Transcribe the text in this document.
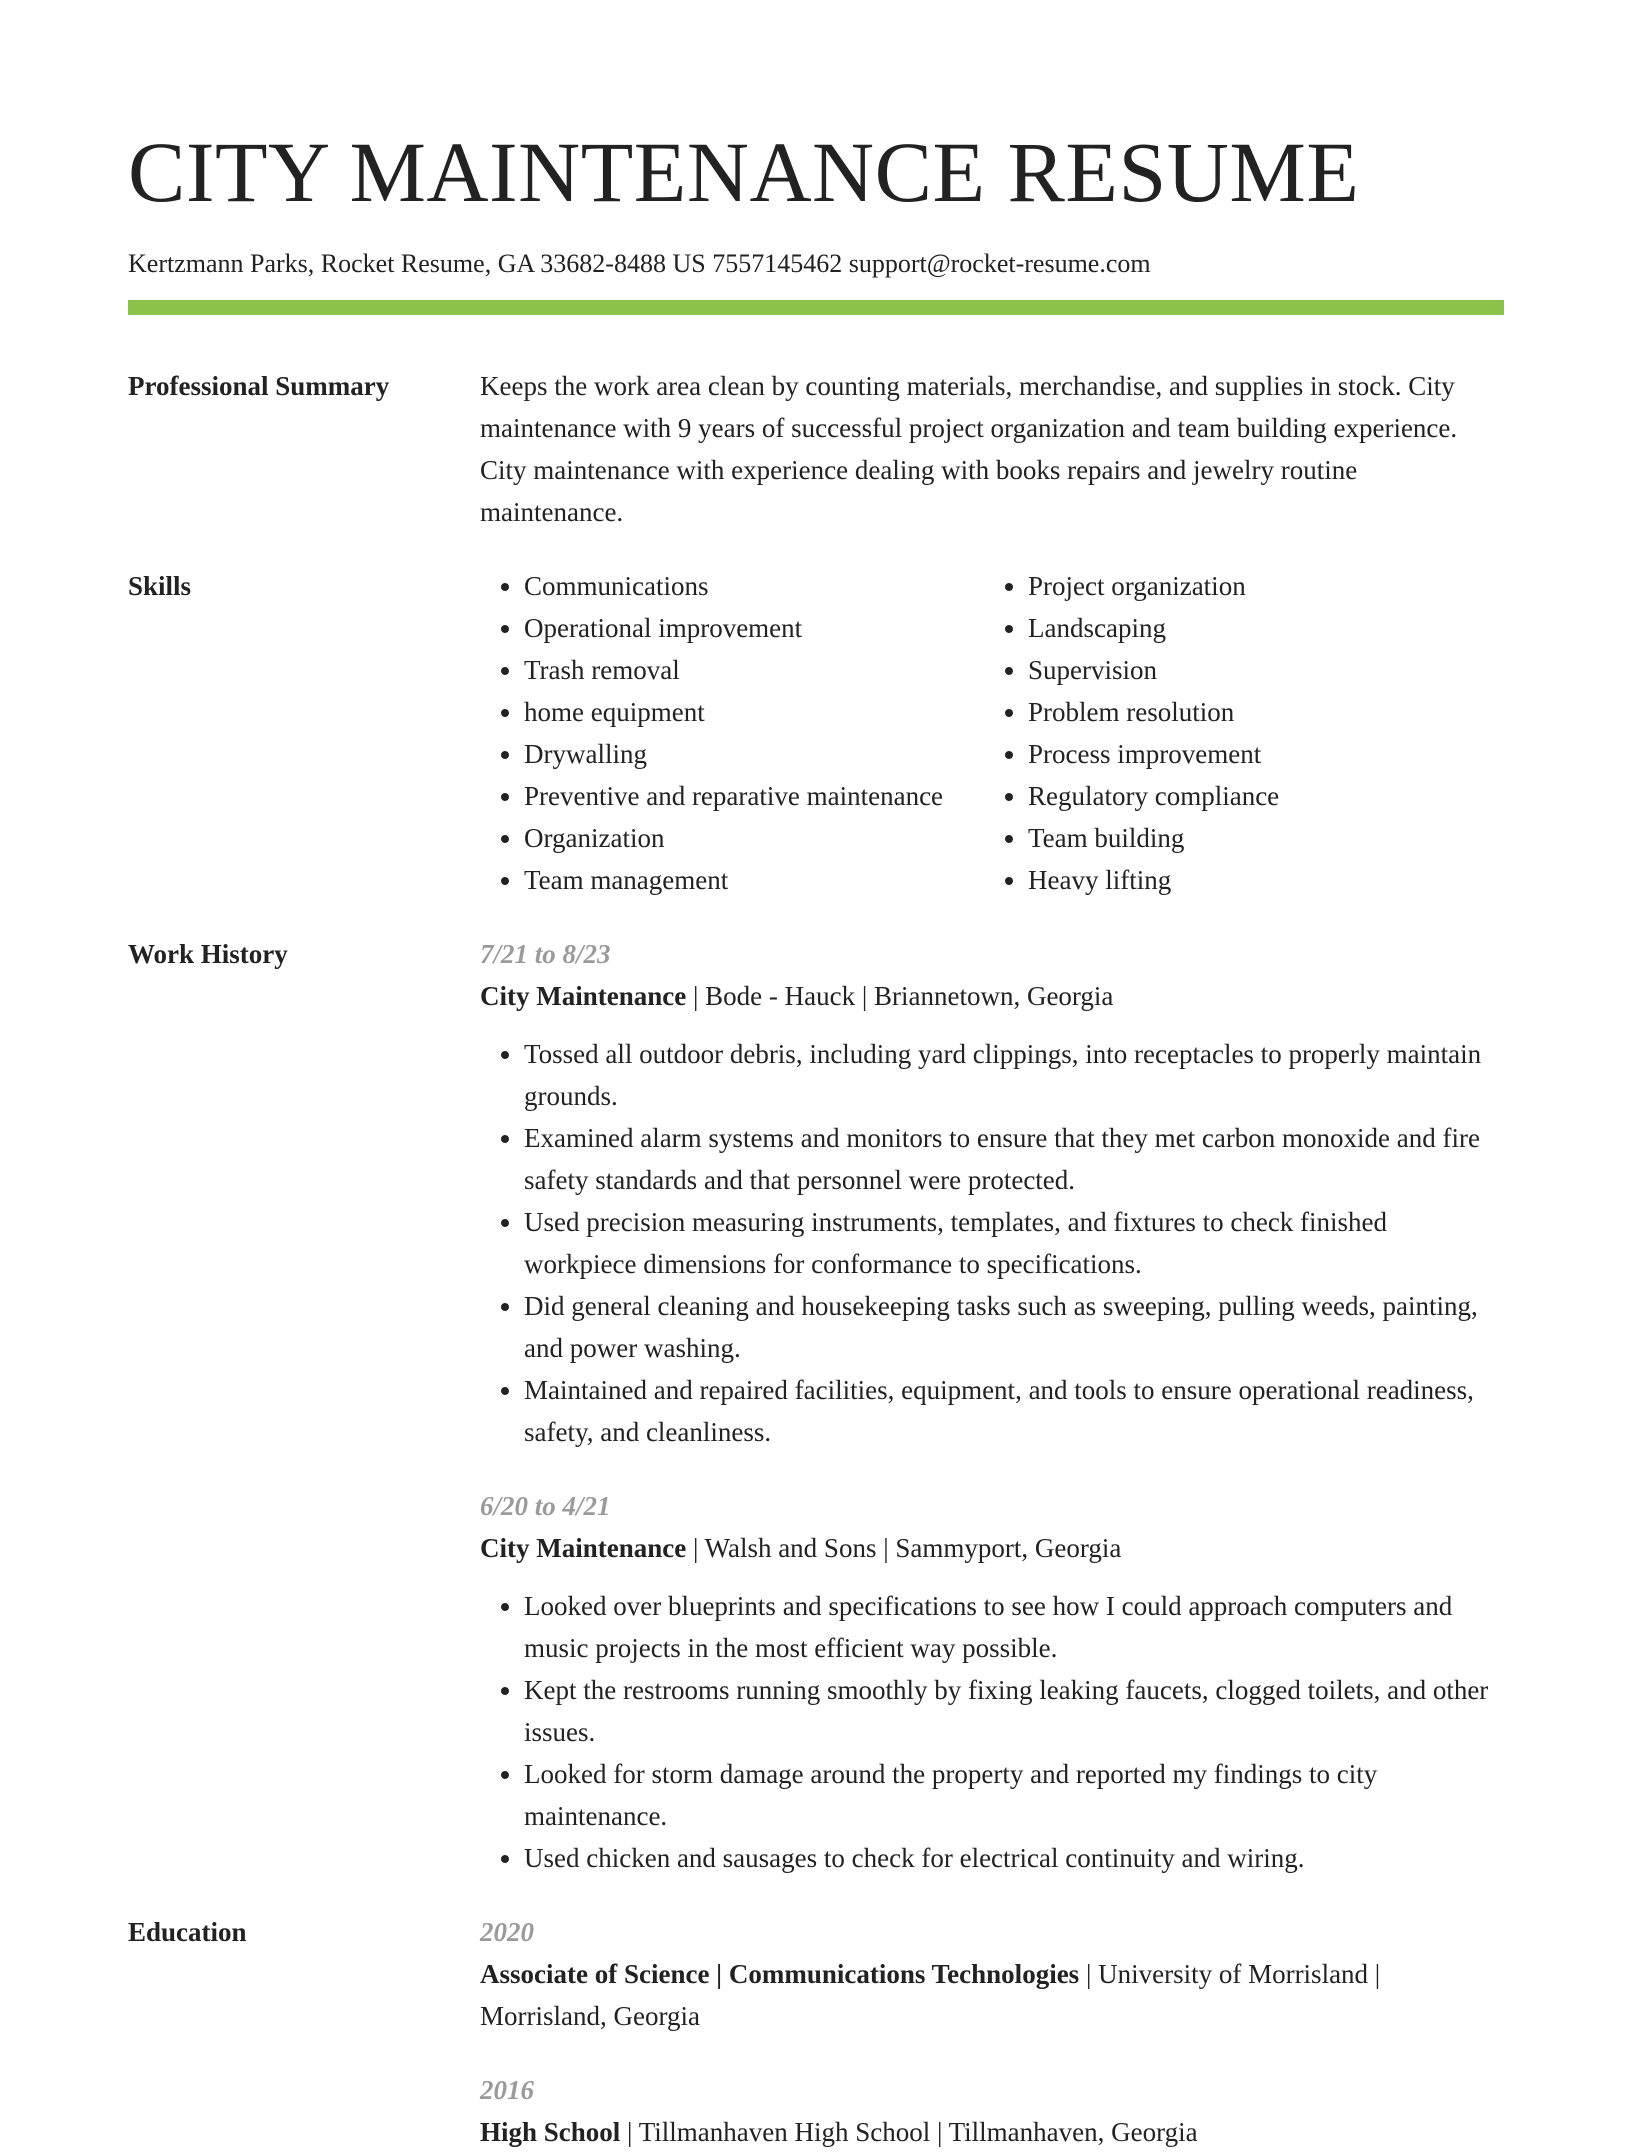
CITY MAINTENANCE RESUME
Kertzmann Parks, Rocket Resume, GA 33682-8488 US 7557145462 support@rocket-resume.com
Professional Summary	Keeps the work area clean by counting materials, merchandise, and supplies in stock. City maintenance with 9 years of successful project organization and team building experience. City maintenance with experience dealing with books repairs and jewelry routine maintenance.

Skills
•	Communications
• Operational improvement
• Trash removal
• home equipment
• Drywalling
• Preventive and reparative maintenance
• Organization
• Team management
• Project organization
• Landscaping
• Supervision
• Problem resolution
• Process improvement
• Regulatory compliance
• Team building
• Heavy lifting
Work History	7/21 to 8/23

City Maintenance | Bode - Hauck | Briannetown, Georgia

• Tossed all outdoor debris, including yard clippings, into receptacles to properly maintain grounds.
• Examined alarm systems and monitors to ensure that they met carbon monoxide and fire safety standards and that personnel were protected.
• Used precision measuring instruments, templates, and fixtures to check finished workpiece dimensions for conformance to specifications.
• Did general cleaning and housekeeping tasks such as sweeping, pulling weeds, painting, and power washing.
• Maintained and repaired facilities, equipment, and tools to ensure operational readiness, safety, and cleanliness.
6/20 to 4/21

City Maintenance | Walsh and Sons | Sammyport, Georgia

• Looked over blueprints and specifications to see how I could approach computers and music projects in the most efficient way possible.
• Kept the restrooms running smoothly by fixing leaking faucets, clogged toilets, and other issues.
• Looked for storm damage around the property and reported my findings to city maintenance.
• Used chicken and sausages to check for electrical continuity and wiring.
Education	2020

Associate of Science | Communications Technologies | University of Morrisland | Morrisland, Georgia

2016

High School | Tillmanhaven High School | Tillmanhaven, Georgia
